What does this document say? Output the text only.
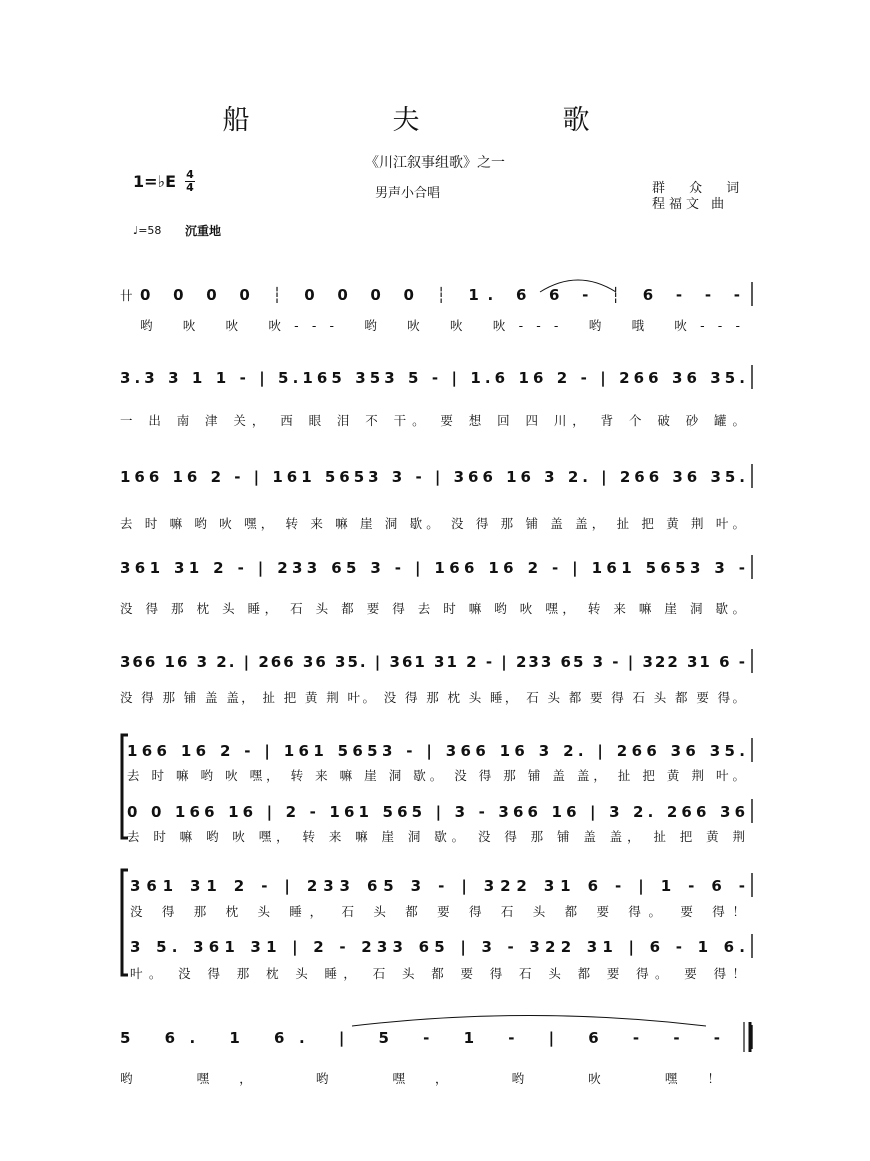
船　夫　歌
《川江叙事组歌》之一
男声小合唱	群 众 词
程福文 曲
1=♭E 4
4
♩=58 沉重地
0 0 0 0 ┆ 0 0 0 0 ┆ 1. 6 6 - ┆ 6 - - -
哟 吙 吙 吙--- 哟 吙 吙 吙--- 哟 哦 吙---
3.3 3 1 1 - | 5.165 353 5 - | 1.6 16 2 - | 266 36 35.
一 出 南 津 关， 西 眼 泪 不 干。 要 想 回 四 川， 背 个 破 砂 罐。
166 16 2 - | 161 5653 3 - | 366 16 3 2. | 266 36 35.
去 时 嘛 哟 吙 嘿， 转 来 嘛 崖 洞 歇。 没 得 那 铺 盖 盖， 扯 把 黄 荆 叶。
361 31 2 - | 233 65 3 - | 166 16 2 - | 161 5653 3 -
没 得 那 枕 头 睡， 石 头 都 要 得 去 时 嘛 哟 吙 嘿， 转 来 嘛 崖 洞 歇。
366 16 3 2. | 266 36 35. | 361 31 2 - | 233 65 3 - | 322 31 6 -
没 得 那 铺 盖 盖， 扯 把 黄 荆 叶。 没 得 那 枕 头 睡， 石 头 都 要 得 石 头 都 要 得。
166 16 2 - | 161 5653 - | 366 16 3 2. | 266 36 35.
去 时 嘛 哟 吙 嘿， 转 来 嘛 崖 洞 歇。 没 得 那 铺 盖 盖， 扯 把 黄 荆 叶。
0 0 166 16 | 2 - 161 565 | 3 - 366 16 | 3 2. 266 36
去 时 嘛 哟 吙 嘿， 转 来 嘛 崖 洞 歇。 没 得 那 铺 盖 盖， 扯 把 黄 荆
361 31 2 - | 233 65 3 - | 322 31 6 - | 1 - 6 -
没 得 那 枕 头 睡， 石 头 都 要 得 石 头 都 要 得。 要 得！
3 5. 361 31 | 2 - 233 65 | 3 - 322 31 | 6 - 1 6.
叶。 没 得 那 枕 头 睡， 石 头 都 要 得 石 头 都 要 得。 要 得！
5 6. 1 6. | 5 - 1 - | 6 - - -
哟 嘿， 哟 嘿， 哟 吙 嘿！
卄
